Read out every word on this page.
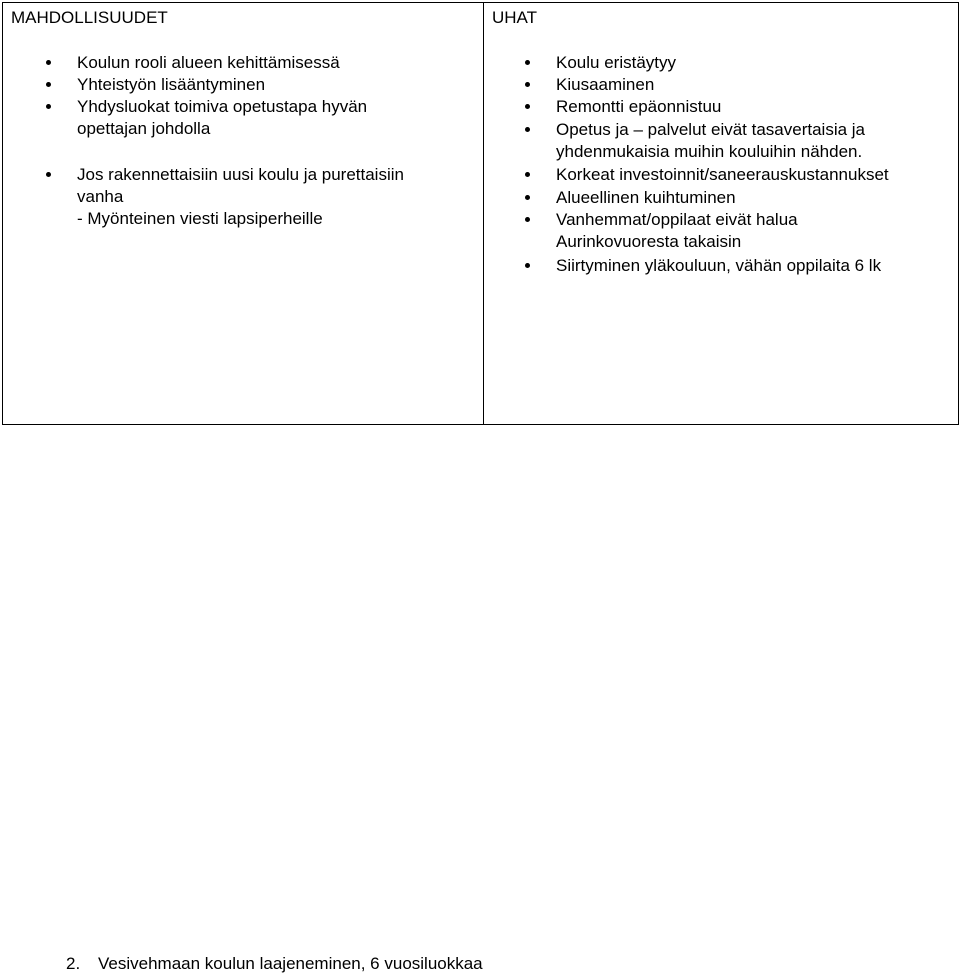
MAHDOLLISUUDET
Koulun rooli alueen kehittämisessä
Yhteistyön lisääntyminen
Yhdysluokat toimiva opetustapa hyvän
opettajan johdolla
Jos rakennettaisiin uusi koulu ja purettaisiin
vanha
- Myönteinen viesti lapsiperheille
UHAT
Koulu eristäytyy
Kiusaaminen
Remontti epäonnistuu
Opetus ja – palvelut eivät tasavertaisia ja
yhdenmukaisia muihin kouluihin nähden.
Korkeat investoinnit/saneerauskustannukset
Alueellinen kuihtuminen
Vanhemmat/oppilaat eivät halua
Aurinkovuoresta takaisin
Siirtyminen yläkouluun, vähän oppilaita 6 lk
2. Vesivehmaan koulun laajeneminen, 6 vuosiluokkaa
